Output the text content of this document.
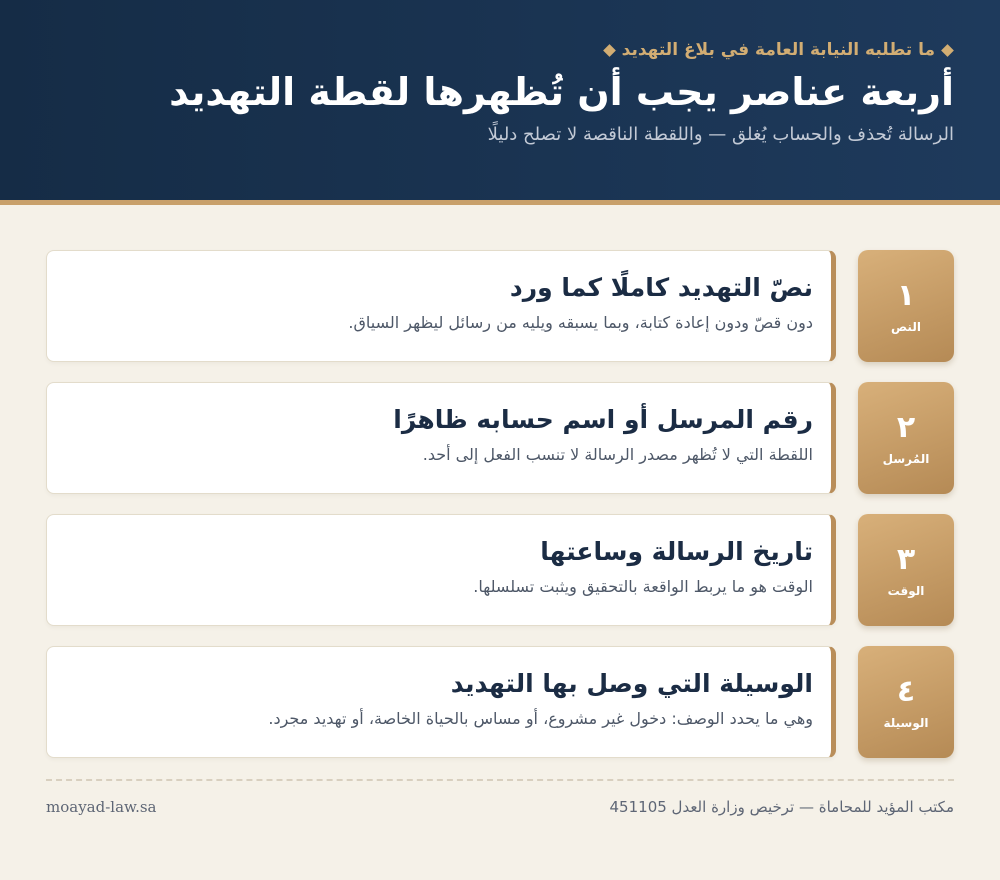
ما تطلبه النيابة العامة في بلاغ التهديد
أربعة عناصر يجب أن تُظهرها لقطة التهديد
الرسالة تُحذف والحساب يُغلق — واللقطة الناقصة لا تصلح دليلًا
نصّ التهديد كاملًا كما ورد
دون قصّ ودون إعادة كتابة، وبما يسبقه ويليه من رسائل ليظهر السياق.
١
النص
رقم المرسل أو اسم حسابه ظاهرًا
اللقطة التي لا تُظهر مصدر الرسالة لا تنسب الفعل إلى أحد.
٢
المُرسل
تاريخ الرسالة وساعتها
الوقت هو ما يربط الواقعة بالتحقيق ويثبت تسلسلها.
٣
الوقت
الوسيلة التي وصل بها التهديد
وهي ما يحدد الوصف: دخول غير مشروع، أو مساس بالحياة الخاصة، أو تهديد مجرد.
٤
الوسيلة
مكتب المؤيد للمحاماة — ترخيص وزارة العدل 451105
moayad-law.sa
